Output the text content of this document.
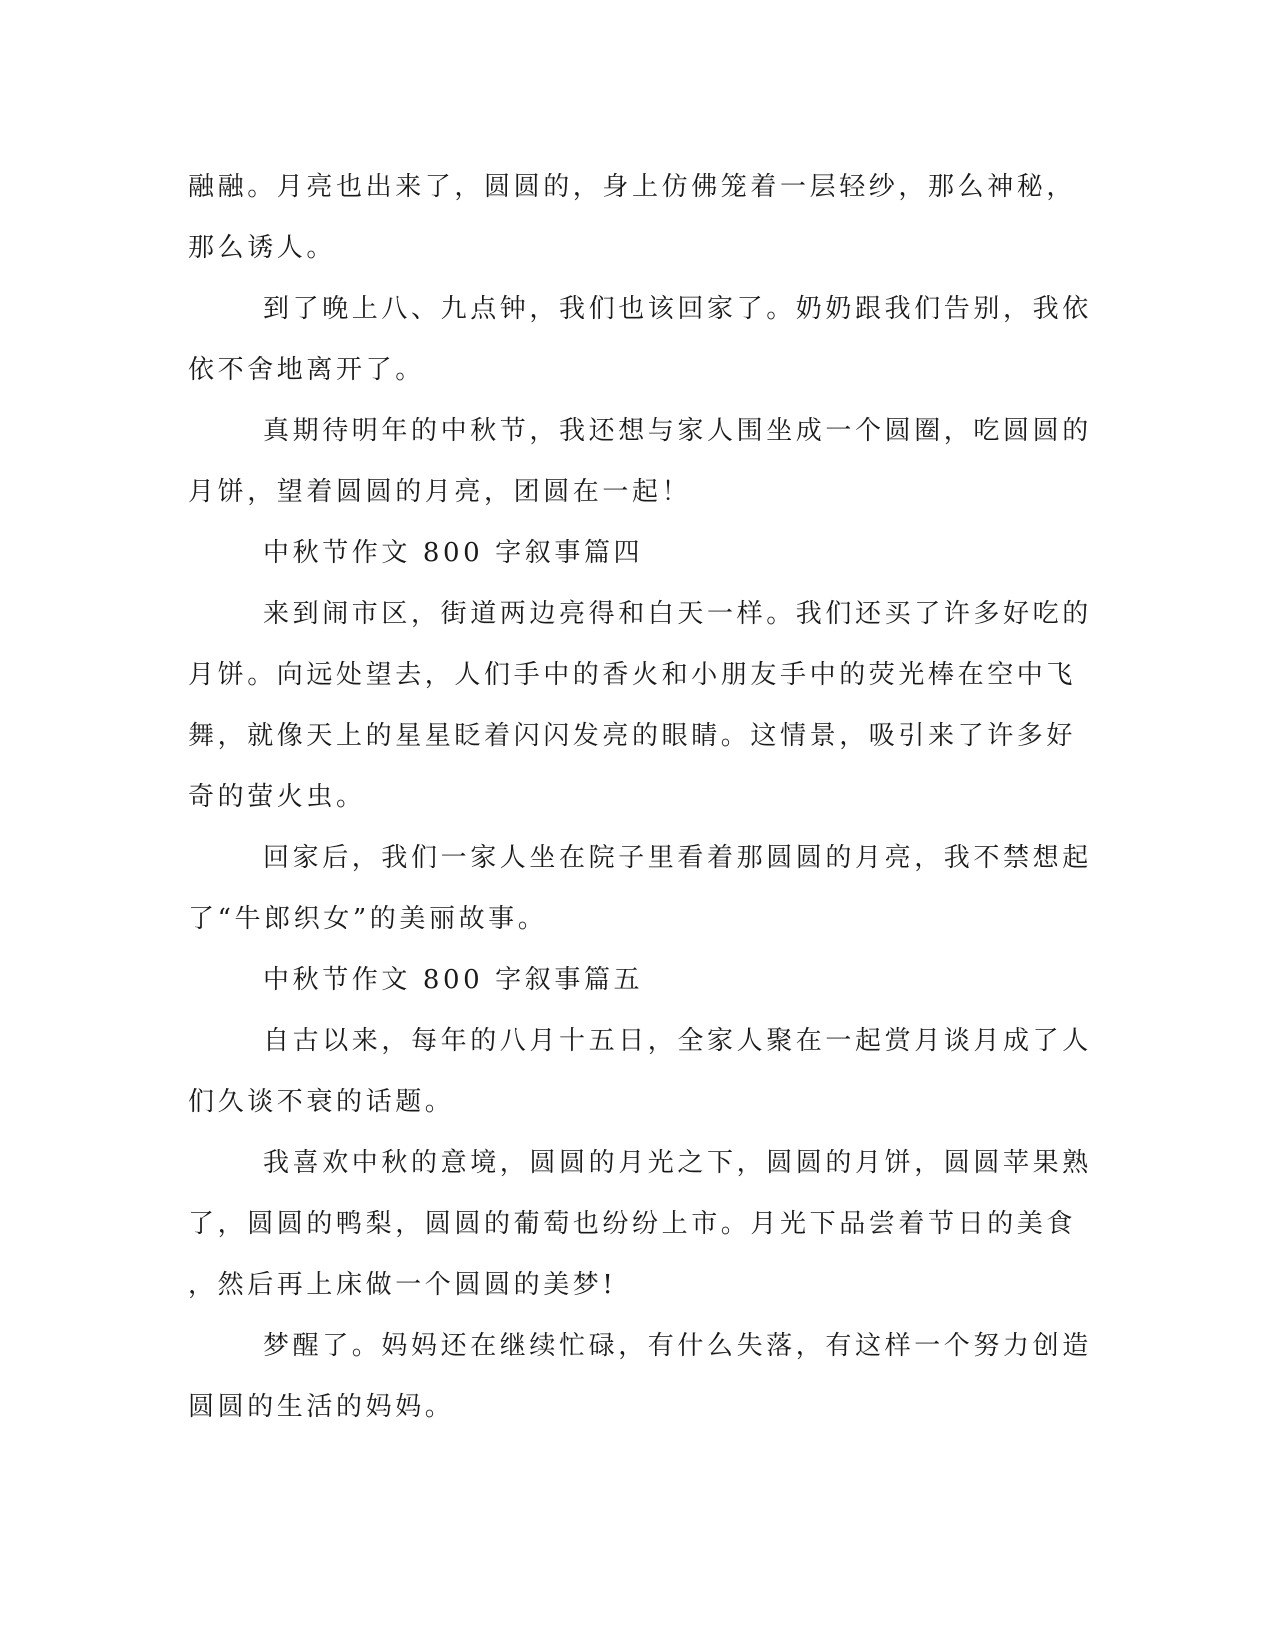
融融。月亮也出来了，圆圆的，身上仿佛笼着一层轻纱，那么神秘，
那么诱人。
到了晚上八、九点钟，我们也该回家了。奶奶跟我们告别，我依
依不舍地离开了。
真期待明年的中秋节，我还想与家人围坐成一个圆圈，吃圆圆的
月饼，望着圆圆的月亮，团圆在一起！
中秋节作文 800 字叙事篇四
来到闹市区，街道两边亮得和白天一样。我们还买了许多好吃的
月饼。向远处望去，人们手中的香火和小朋友手中的荧光棒在空中飞
舞，就像天上的星星眨着闪闪发亮的眼睛。这情景，吸引来了许多好
奇的萤火虫。
回家后，我们一家人坐在院子里看着那圆圆的月亮，我不禁想起
了“牛郎织女”的美丽故事。
中秋节作文 800 字叙事篇五
自古以来，每年的八月十五日，全家人聚在一起赏月谈月成了人
们久谈不衰的话题。
我喜欢中秋的意境，圆圆的月光之下，圆圆的月饼，圆圆苹果熟
了，圆圆的鸭梨，圆圆的葡萄也纷纷上市。月光下品尝着节日的美食
，然后再上床做一个圆圆的美梦!
梦醒了。妈妈还在继续忙碌，有什么失落，有这样一个努力创造
圆圆的生活的妈妈。
